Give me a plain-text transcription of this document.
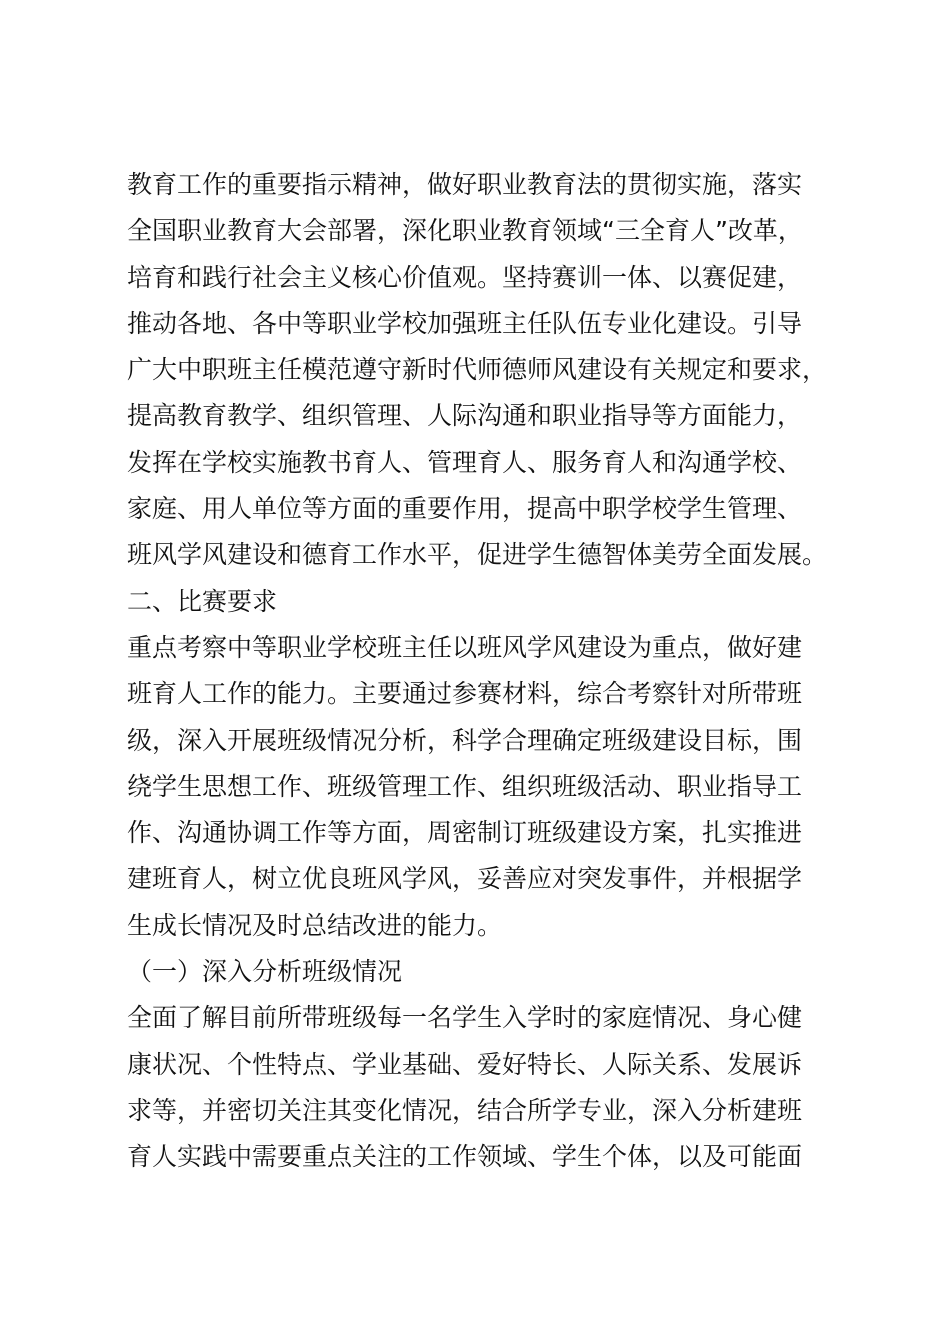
教育工作的重要指示精神，做好职业教育法的贯彻实施，落实
全国职业教育大会部署，深化职业教育领域“三全育人”改革，
培育和践行社会主义核心价值观。坚持赛训一体、以赛促建，
推动各地、各中等职业学校加强班主任队伍专业化建设。引导
广大中职班主任模范遵守新时代师德师风建设有关规定和要求，
提高教育教学、组织管理、人际沟通和职业指导等方面能力，
发挥在学校实施教书育人、管理育人、服务育人和沟通学校、
家庭、用人单位等方面的重要作用，提高中职学校学生管理、
班风学风建设和德育工作水平，促进学生德智体美劳全面发展。
二、比赛要求
重点考察中等职业学校班主任以班风学风建设为重点，做好建
班育人工作的能力。主要通过参赛材料，综合考察针对所带班
级，深入开展班级情况分析，科学合理确定班级建设目标，围
绕学生思想工作、班级管理工作、组织班级活动、职业指导工
作、沟通协调工作等方面，周密制订班级建设方案，扎实推进
建班育人，树立优良班风学风，妥善应对突发事件，并根据学
生成长情况及时总结改进的能力。
（一）深入分析班级情况
全面了解目前所带班级每一名学生入学时的家庭情况、身心健
康状况、个性特点、学业基础、爱好特长、人际关系、发展诉
求等，并密切关注其变化情况，结合所学专业，深入分析建班
育人实践中需要重点关注的工作领域、学生个体，以及可能面
